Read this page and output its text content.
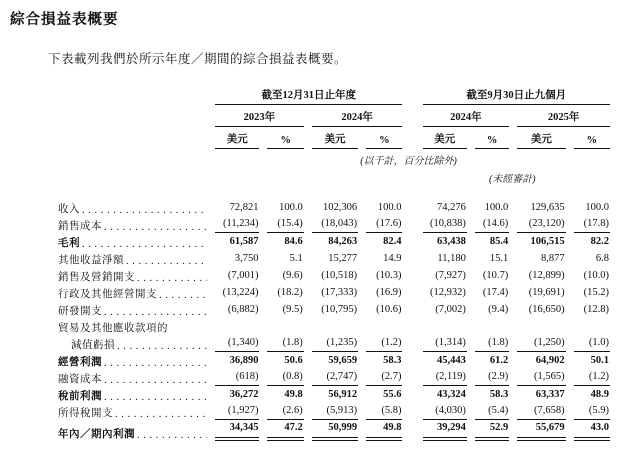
綜合損益表概要

下表載列我們於所示年度／期間的綜合損益表概要。

	截至12月31日止年度					截至9月30日止九個月			

	2023年		2024年			2024年		2025年	

	美元	%	美元	%		美元	%	美元	%

	(以千計，百分比除外)								
						(未經審計)			

收入
. . .	72,821	100.0	102,306	100.0		74,276	100.0	129,635	100.0

銷售成本
. . .	(11,234)	(15.4)	(18,043)	(17.6)		(10,838)	(14.6)	(23,120)	(17.8)

毛利
. . .	61,587	84.6	84,263	82.4		63,438	85.4	106,515	82.2

其他收益淨額
. . .	3,750	5.1	15,277	14.9		11,180	15.1	8,877	6.8

銷售及營銷開支
. . .	(7,001)	(9.6)	(10,518)	(10.3)		(7,927)	(10.7)	(12,899)	(10.0)

行政及其他經營開支
. . .	(13,224)	(18.2)	(17,333)	(16.9)		(12,932)	(17.4)	(19,691)	(15.2)

研發開支
. . .	(6,882)	(9.5)	(10,795)	(10.6)		(7,002)	(9.4)	(16,650)	(12.8)

貿易及其他應收款項的									

減值虧損
. . .	(1,340)	(1.8)	(1,235)	(1.2)		(1,314)	(1.8)	(1,250)	(1.0)

經營利潤
. . .	36,890	50.6	59,659	58.3		45,443	61.2	64,902	50.1

融資成本
. . .	(618)	(0.8)	(2,747)	(2.7)		(2,119)	(2.9)	(1,565)	(1.2)

稅前利潤
. . .	36,272	49.8	56,912	55.6		43,324	58.3	63,337	48.9

所得稅開支
. . .	(1,927)	(2.6)	(5,913)	(5.8)		(4,030)	(5.4)	(7,658)	(5.9)

年內／期內利潤
. . .	34,345	47.2	50,999	49.8		39,294	52.9	55,679	43.0
